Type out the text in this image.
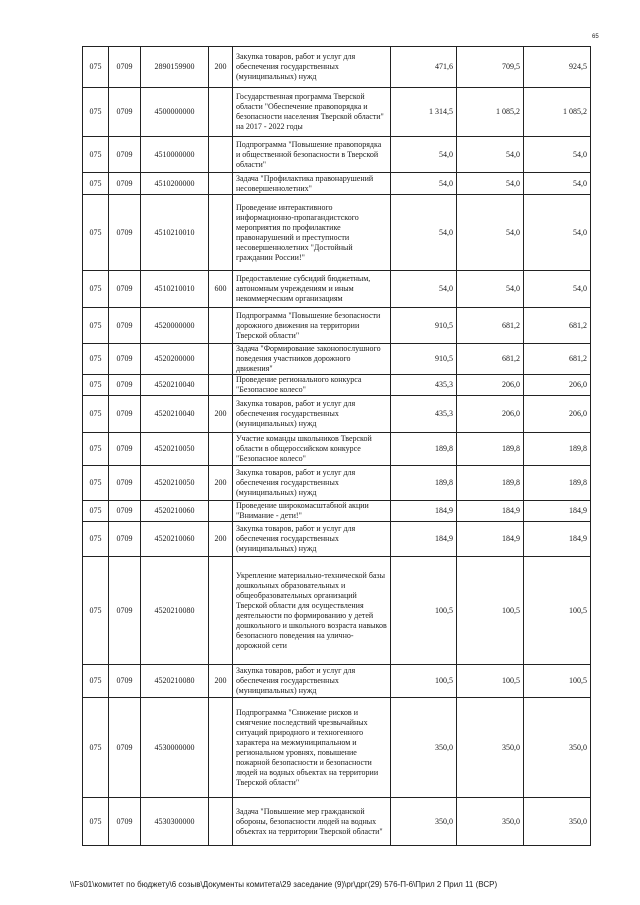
65
075	0709	2890159900	200	Закупка товаров, работ и услуг для обеспечения государственных (муниципальных) нужд	471,6	709,5	924,5
075	0709	4500000000		Государственная программа Тверской области "Обеспечение правопорядка и безопасности населения Тверской области" на 2017 - 2022 годы	1 314,5	1 085,2	1 085,2
075	0709	4510000000		Подпрограмма "Повышение правопорядка и общественной безопасности в Тверской области"	54,0	54,0	54,0
075	0709	4510200000		Задача "Профилактика правонарушений несовершеннолетних"	54,0	54,0	54,0
075	0709	4510210010		Проведение интерактивного информационно-пропагандистского мероприятия по профилактике правонарушений и преступности несовершеннолетних "Достойный гражданин России!"	54,0	54,0	54,0
075	0709	4510210010	600	Предоставление субсидий бюджетным, автономным учреждениям и иным некоммерческим организациям	54,0	54,0	54,0
075	0709	4520000000		Подпрограмма "Повышение безопасности дорожного движения на территории Тверской области"	910,5	681,2	681,2
075	0709	4520200000		Задача "Формирование законопослушного поведения участников дорожного движения"	910,5	681,2	681,2
075	0709	4520210040		Проведение регионального конкурса "Безопасное колесо"	435,3	206,0	206,0
075	0709	4520210040	200	Закупка товаров, работ и услуг для обеспечения государственных (муниципальных) нужд	435,3	206,0	206,0
075	0709	4520210050		Участие команды школьников Тверской области в общероссийском конкурсе "Безопасное колесо"	189,8	189,8	189,8
075	0709	4520210050	200	Закупка товаров, работ и услуг для обеспечения государственных (муниципальных) нужд	189,8	189,8	189,8
075	0709	4520210060		Проведение широкомасштабной акции "Внимание - дети!"	184,9	184,9	184,9
075	0709	4520210060	200	Закупка товаров, работ и услуг для обеспечения государственных (муниципальных) нужд	184,9	184,9	184,9
075	0709	4520210080		Укрепление материально-технической базы дошкольных образовательных и общеобразовательных организаций Тверской области для осуществления деятельности по формированию у детей дошкольного и школьного возраста навыков безопасного поведения на улично-дорожной сети	100,5	100,5	100,5
075	0709	4520210080	200	Закупка товаров, работ и услуг для обеспечения государственных (муниципальных) нужд	100,5	100,5	100,5
075	0709	4530000000		Подпрограмма "Снижение рисков и смягчение последствий чрезвычайных ситуаций природного и техногенного характера на межмуниципальном и региональном уровнях, повышение пожарной безопасности и безопасности людей на водных объектах на территории Тверской области"	350,0	350,0	350,0
075	0709	4530300000		Задача "Повышение мер гражданской обороны, безопасности людей на водных объектах на территории Тверской области"	350,0	350,0	350,0
\\Fs01\комитет по бюджету\6 созыв\Документы комитета\29 заседание (9)\pr\дрг(29) 576-П-6\Прил 2 Прил 11 (ВСР)
